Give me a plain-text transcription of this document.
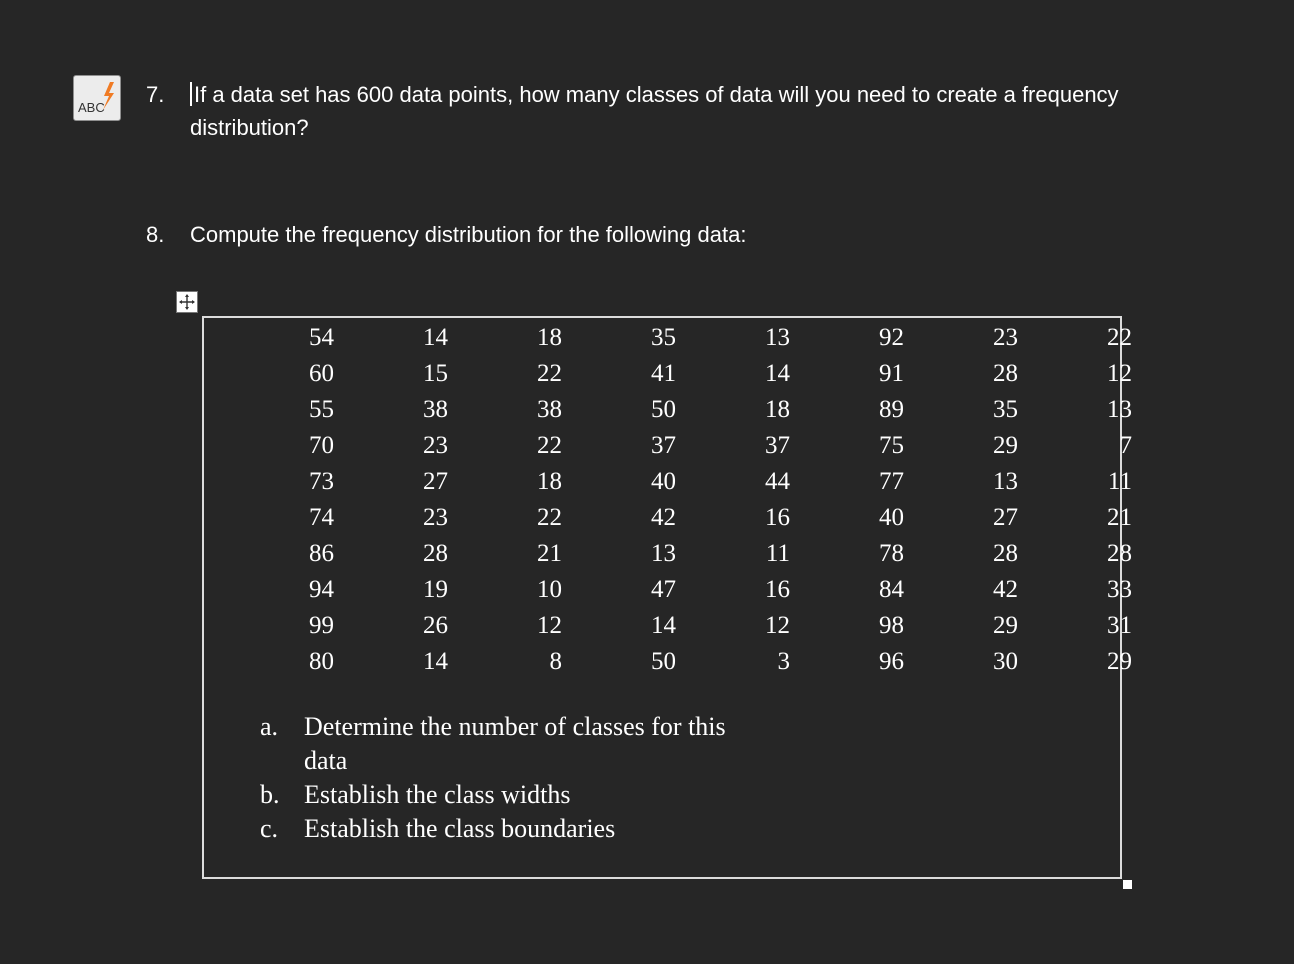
ABC
7. If a data set has 600 data points, how many classes of data will you need to create a frequency distribution?
8. Compute the frequency distribution for the following data:
54	14	18	35	13	92	23	22
60	15	22	41	14	91	28	12
55	38	38	50	18	89	35	13
70	23	22	37	37	75	29	7
73	27	18	40	44	77	13	11
74	23	22	42	16	40	27	21
86	28	21	13	11	78	28	28
94	19	10	47	16	84	42	33
99	26	12	14	12	98	29	31
80	14	8	50	3	96	30	29
a. Determine the number of classes for this data
b. Establish the class widths
c. Establish the class boundaries
